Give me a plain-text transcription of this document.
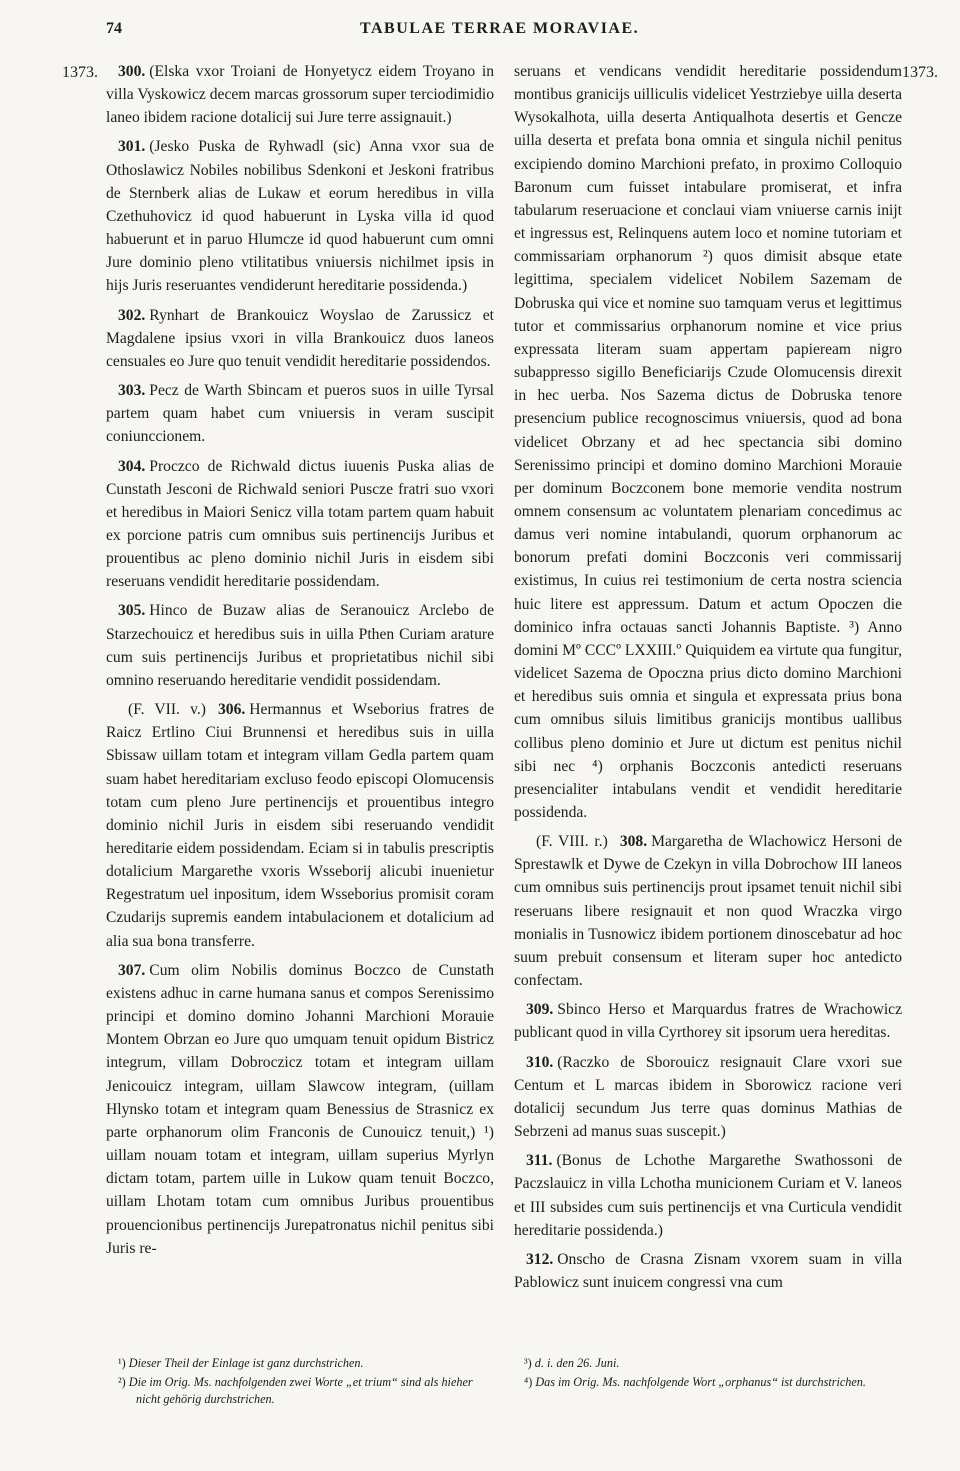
74	TABULAE TERRAE MORAVIAE.
1373.	1373.

300. (Elska vxor Troiani de Honyetycz eidem Troyano in villa Vyskowicz decem marcas grossorum super terciodimidio laneo ibidem racione dotalicij sui Jure terre assignauit.)

301. (Jesko Puska de Ryhwadl (sic) Anna vxor sua de Othoslawicz Nobiles nobilibus Sdenkoni et Jeskoni fratribus de Sternberk alias de Lukaw et eorum heredibus in villa Czethuhovicz id quod habuerunt in Lyska villa id quod habuerunt et in paruo Hlumcze id quod habuerunt cum omni Jure dominio pleno vtilitatibus vniuersis nichilmet ipsis in hijs Juris reseruantes vendiderunt hereditarie possidenda.)

302. Rynhart de Brankouicz Woyslao de Zarussicz et Magdalene ipsius vxori in villa Brankouicz duos laneos censuales eo Jure quo tenuit vendidit hereditarie possidendos.

303. Pecz de Warth Sbincam et pueros suos in uille Tyrsal partem quam habet cum vniuersis in veram suscipit coniunccionem.

304. Proczco de Richwald dictus iuuenis Puska alias de Cunstath Jesconi de Richwald seniori Puscze fratri suo vxori et heredibus in Maiori Senicz villa totam partem quam habuit ex porcione patris cum omnibus suis pertinencijs Juribus et prouentibus ac pleno dominio nichil Juris in eisdem sibi reseruans vendidit hereditarie possidendam.

305. Hinco de Buzaw alias de Seranouicz Arclebo de Starzechouicz et heredibus suis in uilla Pthen Curiam arature cum suis pertinencijs Juribus et proprietatibus nichil sibi omnino reseruando hereditarie vendidit possidendam.

(F. VII. v.) 306. Hermannus et Wseborius fratres de Raicz Ertlino Ciui Brunnensi et heredibus suis in uilla Sbissaw uillam totam et integram villam Gedla partem quam suam habet hereditariam excluso feodo episcopi Olomucensis totam cum pleno Jure pertinencijs et prouentibus integro dominio nichil Juris in eisdem sibi reseruando vendidit hereditarie eidem possidendam. Eciam si in tabulis prescriptis dotalicium Margarethe vxoris Wsseborij alicubi inuenietur Regestratum uel inpositum, idem Wsseborius promisit coram Czudarijs supremis eandem intabulacionem et dotalicium ad alia sua bona transferre.

307. Cum olim Nobilis dominus Boczco de Cunstath existens adhuc in carne humana sanus et compos Serenissimo principi et domino domino Johanni Marchioni Morauie Montem Obrzan eo Jure quo umquam tenuit opidum Bistricz integrum, villam Dobroczicz totam et integram uillam Jenicouicz integram, uillam Slawcow integram, (uillam Hlynsko totam et integram quam Benessius de Strasnicz ex parte orphanorum olim Franconis de Cunouicz tenuit,) ¹) uillam nouam totam et integram, uillam superius Myrlyn dictam totam, partem uille in Lukow quam tenuit Boczco, uillam Lhotam totam cum omnibus Juribus prouentibus prouencionibus pertinencijs Jurepatronatus nichil penitus sibi Juris re-

seruans et vendicans vendidit hereditarie possidendum montibus granicijs uilliculis videlicet Yestrziebye uilla deserta Wysokalhota, uilla deserta Antiqualhota desertis et Gencze uilla deserta et prefata bona omnia et singula nichil penitus excipiendo domino Marchioni prefato, in proximo Colloquio Baronum cum fuisset intabulare promiserat, et infra tabularum reseruacione et conclaui viam vniuerse carnis inijt et ingressus est, Relinquens autem loco et nomine tutoriam et commissariam orphanorum ²) quos dimisit absque etate legittima, specialem videlicet Nobilem Sazemam de Dobruska qui vice et nomine suo tamquam verus et legittimus tutor et commissarius orphanorum nomine et vice prius expressata literam suam appertam papieream nigro subappresso sigillo Beneficiarijs Czude Olomucensis direxit in hec uerba. Nos Sazema dictus de Dobruska tenore presencium publice recognoscimus vniuersis, quod ad bona videlicet Obrzany et ad hec spectancia sibi domino Serenissimo principi et domino domino Marchioni Morauie per dominum Boczconem bone memorie vendita nostrum omnem consensum ac voluntatem plenariam concedimus ac damus veri nomine intabulandi, quorum orphanorum ac bonorum prefati domini Boczconis veri commissarij existimus, In cuius rei testimonium de certa nostra sciencia huic litere est appressum. Datum et actum Opoczen die dominico infra octauas sancti Johannis Baptiste. ³) Anno domini Mº CCCº LXXIII.º Quiquidem ea virtute qua fungitur, videlicet Sazema de Opoczna prius dicto domino Marchioni et heredibus suis omnia et singula et expressata prius bona cum omnibus siluis limitibus granicijs montibus uallibus collibus pleno dominio et Jure ut dictum est penitus nichil sibi nec ⁴) orphanis Boczconis antedicti reseruans presencialiter intabulans vendit et vendidit hereditarie possidenda.

(F. VIII. r.) 308. Margaretha de Wlachowicz Hersoni de Sprestawlk et Dywe de Czekyn in villa Dobrochow III laneos cum omnibus suis pertinencijs prout ipsamet tenuit nichil sibi reseruans libere resignauit et non quod Wraczka virgo monialis in Tusnowicz ibidem portionem dinoscebatur ad hoc suum prebuit consensum et literam super hoc antedicto confectam.

309. Sbinco Herso et Marquardus fratres de Wrachowicz publicant quod in villa Cyrthorey sit ipsorum uera hereditas.

310. (Raczko de Sborouicz resignauit Clare vxori sue Centum et L marcas ibidem in Sborowicz racione veri dotalicij secundum Jus terre quas dominus Mathias de Sebrzeni ad manus suas suscepit.)

311. (Bonus de Lchothe Margarethe Swathossoni de Paczslauicz in villa Lchotha municionem Curiam et V. laneos et III subsides cum suis pertinencijs et vna Curticula vendidit hereditarie possidenda.)

312. Onscho de Crasna Zisnam vxorem suam in villa Pablowicz sunt inuicem congressi vna cum

¹) Dieser Theil der Einlage ist ganz durchstrichen.

²) Die im Orig. Ms. nachfolgenden zwei Worte „et trium“ sind als hieher nicht gehörig durchstrichen.

³) d. i. den 26. Juni.

⁴) Das im Orig. Ms. nachfolgende Wort „orphanus“ ist durchstrichen.
